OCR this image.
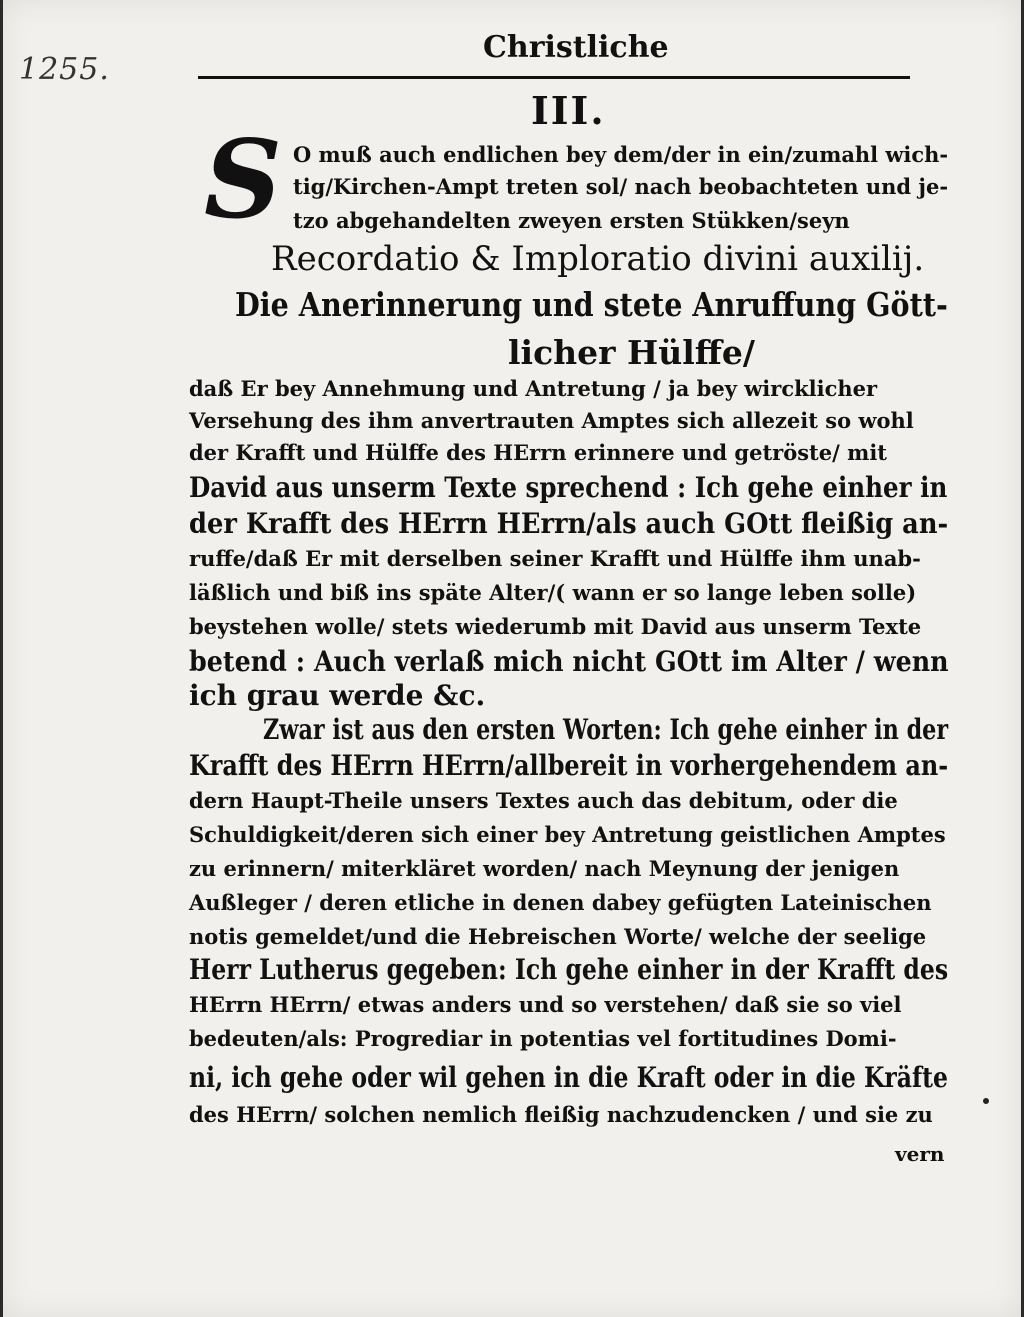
1255.
Christliche
III.
S O muß auch endlichen bey dem/der in ein/zumahl wich-
tig/Kirchen-Ampt treten sol/ nach beobachteten und je-
tzo abgehandelten zweyen ersten Stükken/seyn
Recordatio & Imploratio divini auxilij.
Die Anerinnerung und stete Anruffung Gött-
licher Hülffe/
daß Er bey Annehmung und Antretung / ja bey wircklicher
Versehung des ihm anvertrauten Amptes sich allezeit so wohl
der Krafft und Hülffe des HErrn erinnere und getröste/ mit
David aus unserm Texte sprechend : Ich gehe einher in
der Krafft des HErrn HErrn/als auch GOtt fleißig an-
ruffe/daß Er mit derselben seiner Krafft und Hülffe ihm unab-
läßlich und biß ins späte Alter/( wann er so lange leben solle)
beystehen wolle/ stets wiederumb mit David aus unserm Texte
betend : Auch verlaß mich nicht GOtt im Alter / wenn
ich grau werde &c.
Zwar ist aus den ersten Worten: Ich gehe einher in der
Krafft des HErrn HErrn/allbereit in vorhergehendem an-
dern Haupt-Theile unsers Textes auch das debitum, oder die
Schuldigkeit/deren sich einer bey Antretung geistlichen Amptes
zu erinnern/ miterkläret worden/ nach Meynung der jenigen
Außleger / deren etliche in denen dabey gefügten Lateinischen
notis gemeldet/und die Hebreischen Worte/ welche der seelige
Herr Lutherus gegeben: Ich gehe einher in der Krafft des
HErrn HErrn/ etwas anders und so verstehen/ daß sie so viel
bedeuten/als: Progrediar in potentias vel fortitudines Domi-
ni, ich gehe oder wil gehen in die Kraft oder in die Kräfte
des HErrn/ solchen nemlich fleißig nachzudencken / und sie zu
vern
